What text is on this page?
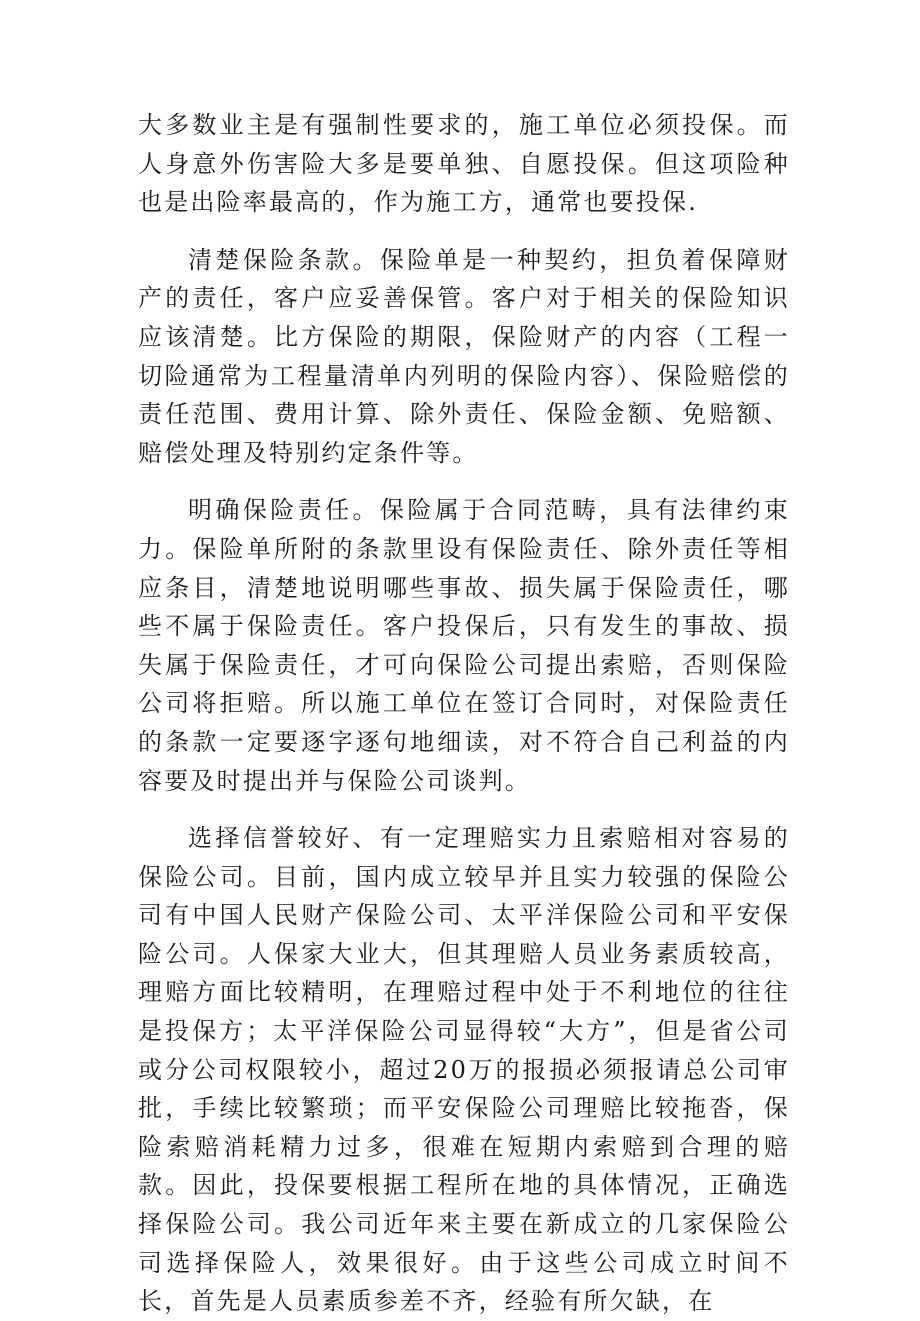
大多数业主是有强制性要求的，施工单位必须投保。而人身意外伤害险大多是要单独、自愿投保。但这项险种也是出险率最高的，作为施工方，通常也要投保.

清楚保险条款。保险单是一种契约，担负着保障财产的责任，客户应妥善保管。客户对于相关的保险知识应该清楚。比方保险的期限，保险财产的内容（工程一切险通常为工程量清单内列明的保险内容）、保险赔偿的责任范围、费用计算、除外责任、保险金额、免赔额、赔偿处理及特别约定条件等。

明确保险责任。保险属于合同范畴，具有法律约束力。保险单所附的条款里设有保险责任、除外责任等相应条目，清楚地说明哪些事故、损失属于保险责任，哪些不属于保险责任。客户投保后，只有发生的事故、损失属于保险责任，才可向保险公司提出索赔，否则保险公司将拒赔。所以施工单位在签订合同时，对保险责任的条款一定要逐字逐句地细读，对不符合自己利益的内容要及时提出并与保险公司谈判。

选择信誉较好、有一定理赔实力且索赔相对容易的保险公司。目前，国内成立较早并且实力较强的保险公司有中国人民财产保险公司、太平洋保险公司和平安保险公司。人保家大业大，但其理赔人员业务素质较高，理赔方面比较精明，在理赔过程中处于不利地位的往往是投保方；太平洋保险公司显得较“大方”，但是省公司或分公司权限较小，超过20万的报损必须报请总公司审批，手续比较繁琐；而平安保险公司理赔比较拖沓，保险索赔消耗精力过多，很难在短期内索赔到合理的赔款。因此，投保要根据工程所在地的具体情况，正确选择保险公司。我公司近年来主要在新成立的几家保险公司选择保险人，效果很好。由于这些公司成立时间不长，首先是人员素质参差不齐，经验有所欠缺，在
